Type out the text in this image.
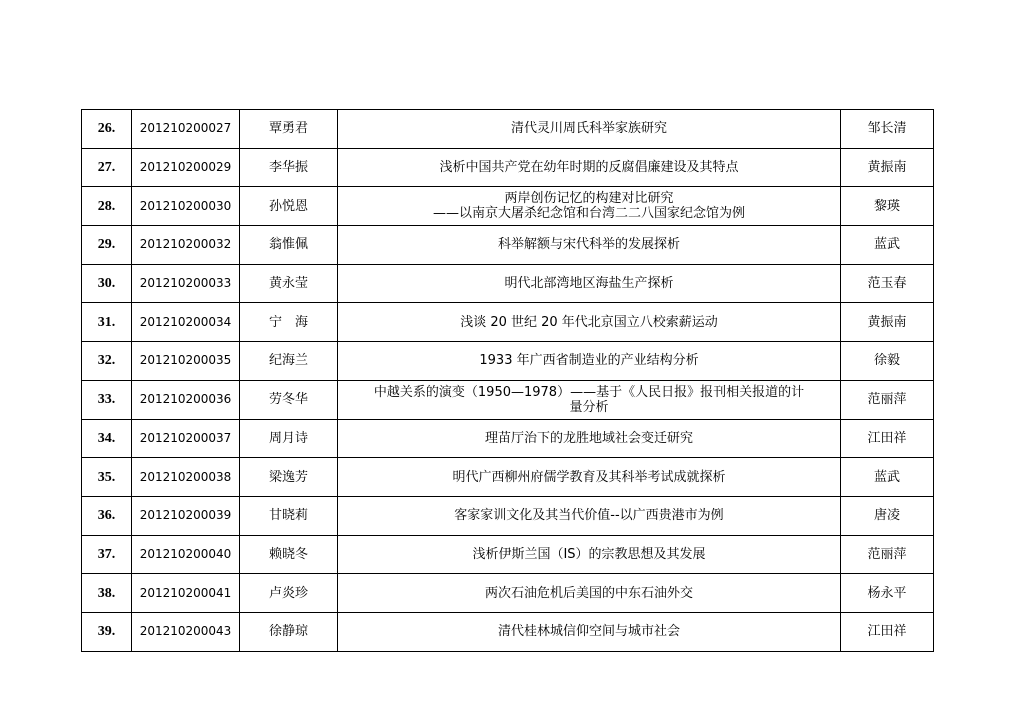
26.	201210200027	覃勇君	清代灵川周氏科举家族研究	邹长清
27.	201210200029	李华振	浅析中国共产党在幼年时期的反腐倡廉建设及其特点	黄振南
28.	201210200030	孙悦恩	两岸创伤记忆的构建对比研究
——以南京大屠杀纪念馆和台湾二二八国家纪念馆为例	黎瑛
29.	201210200032	翁惟佩	科举解额与宋代科举的发展探析	蓝武
30.	201210200033	黄永莹	明代北部湾地区海盐生产探析	范玉春
31.	201210200034	宁　海	浅谈 20 世纪 20 年代北京国立八校索薪运动	黄振南
32.	201210200035	纪海兰	1933 年广西省制造业的产业结构分析	徐毅
33.	201210200036	劳冬华	中越关系的演变（1950—1978）——基于《人民日报》报刊相关报道的计
量分析	范丽萍
34.	201210200037	周月诗	理苗厅治下的龙胜地域社会变迁研究	江田祥
35.	201210200038	梁逸芳	明代广西柳州府儒学教育及其科举考试成就探析	蓝武
36.	201210200039	甘晓莉	客家家训文化及其当代价值--以广西贵港市为例	唐凌
37.	201210200040	赖晓冬	浅析伊斯兰国（IS）的宗教思想及其发展	范丽萍
38.	201210200041	卢炎珍	两次石油危机后美国的中东石油外交	杨永平
39.	201210200043	徐静琼	清代桂林城信仰空间与城市社会	江田祥
